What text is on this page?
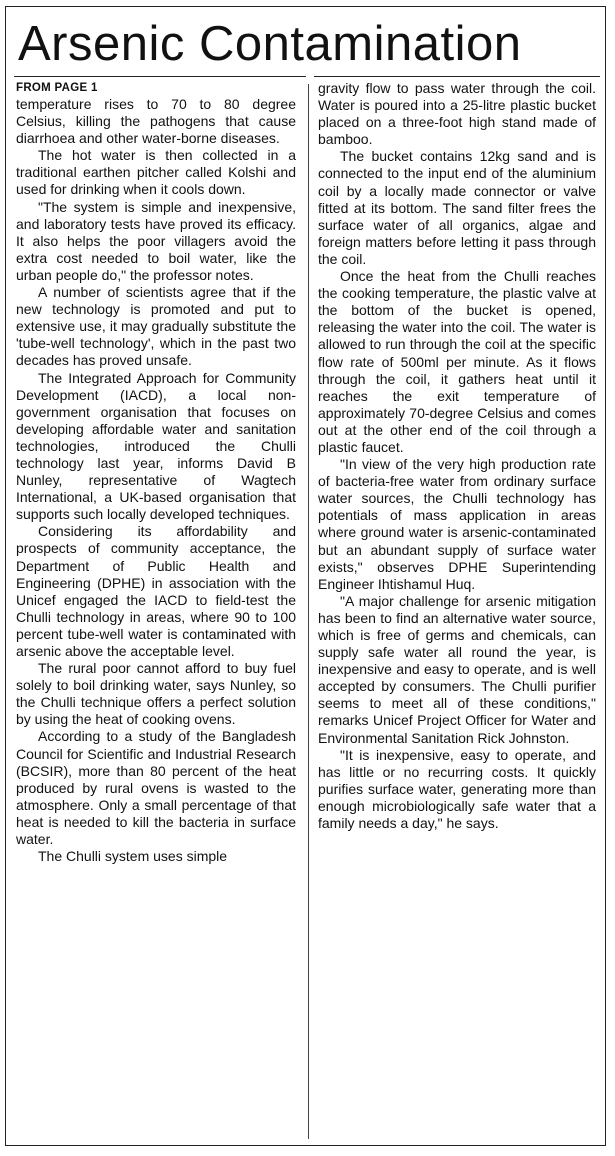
Arsenic Contamination
FROM PAGE 1

temperature rises to 70 to 80 degree Celsius, killing the pathogens that cause diarrhoea and other water-borne diseases.

The hot water is then collected in a traditional earthen pitcher called Kolshi and used for drinking when it cools down.

"The system is simple and inexpensive, and laboratory tests have proved its efficacy. It also helps the poor villagers avoid the extra cost needed to boil water, like the urban people do," the professor notes.

A number of scientists agree that if the new technology is promoted and put to extensive use, it may gradually substitute the 'tube-well technology', which in the past two decades has proved unsafe.

The Integrated Approach for Community Development (IACD), a local non-government organisation that focuses on developing affordable water and sanitation technologies, introduced the Chulli technology last year, informs David B Nunley, representative of Wagtech International, a UK-based organisation that supports such locally developed techniques.

Considering its affordability and prospects of community acceptance, the Department of Public Health and Engineering (DPHE) in association with the Unicef engaged the IACD to field-test the Chulli technology in areas, where 90 to 100 percent tube-well water is contaminated with arsenic above the acceptable level.

The rural poor cannot afford to buy fuel solely to boil drinking water, says Nunley, so the Chulli technique offers a perfect solution by using the heat of cooking ovens.

According to a study of the Bangladesh Council for Scientific and Industrial Research (BCSIR), more than 80 percent of the heat produced by rural ovens is wasted to the atmosphere. Only a small percentage of that heat is needed to kill the bacteria in surface water.

The Chulli system uses simple

gravity flow to pass water through the coil. Water is poured into a 25-litre plastic bucket placed on a three-foot high stand made of bamboo.

The bucket contains 12kg sand and is connected to the input end of the aluminium coil by a locally made connector or valve fitted at its bottom. The sand filter frees the surface water of all organics, algae and foreign matters before letting it pass through the coil.

Once the heat from the Chulli reaches the cooking temperature, the plastic valve at the bottom of the bucket is opened, releasing the water into the coil. The water is allowed to run through the coil at the specific flow rate of 500ml per minute. As it flows through the coil, it gathers heat until it reaches the exit temperature of approximately 70-degree Celsius and comes out at the other end of the coil through a plastic faucet.

"In view of the very high production rate of bacteria-free water from ordinary surface water sources, the Chulli technology has potentials of mass application in areas where ground water is arsenic-contaminated but an abundant supply of surface water exists," observes DPHE Superintending Engineer Ihtishamul Huq.

"A major challenge for arsenic mitigation has been to find an alternative water source, which is free of germs and chemicals, can supply safe water all round the year, is inexpensive and easy to operate, and is well accepted by consumers. The Chulli purifier seems to meet all of these conditions," remarks Unicef Project Officer for Water and Environmental Sanitation Rick Johnston.

"It is inexpensive, easy to operate, and has little or no recurring costs. It quickly purifies surface water, generating more than enough microbiologically safe water that a family needs a day," he says.
